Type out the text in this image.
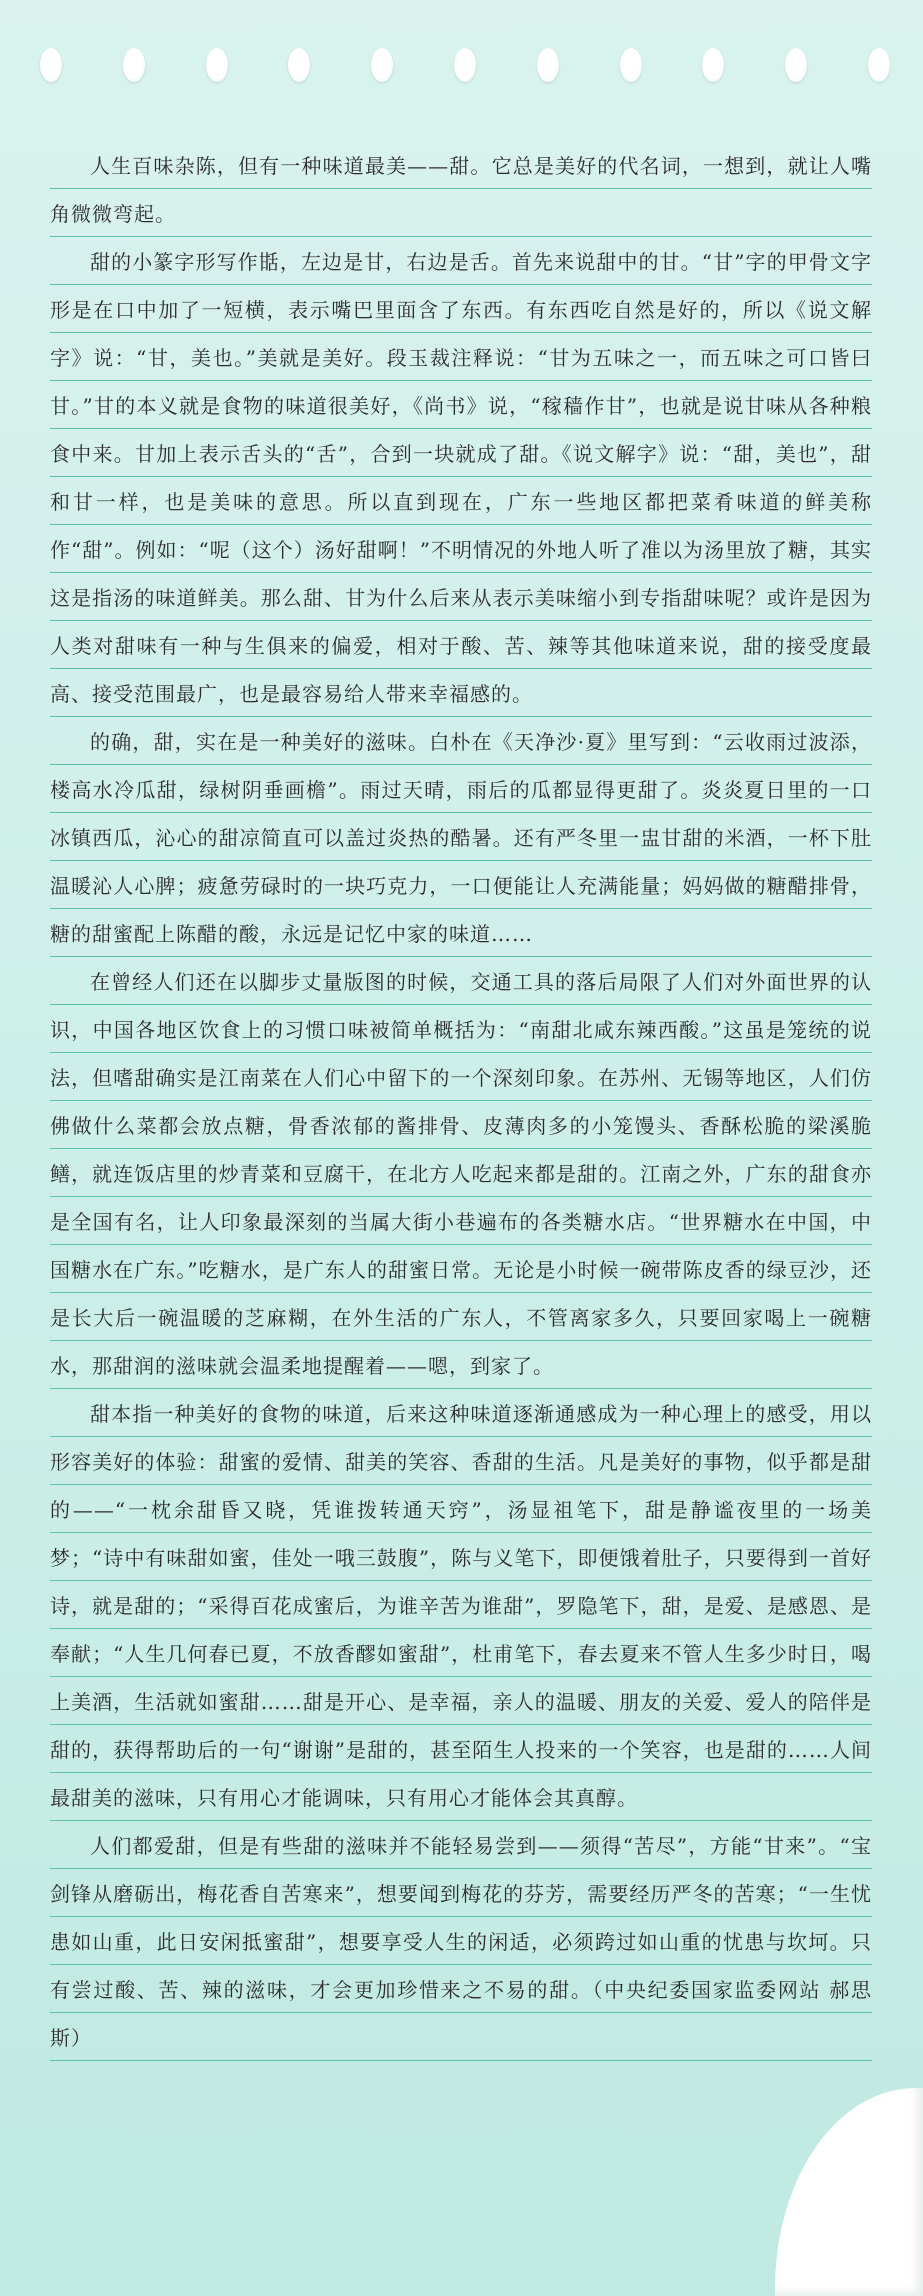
人生百味杂陈，但有一种味道最美——甜。它总是美好的代名词，一想到，就让人嘴角微微弯起。

甜的小篆字形写作甛，左边是甘，右边是舌。首先来说甜中的甘。“甘”字的甲骨文字形是在口中加了一短横，表示嘴巴里面含了东西。有东西吃自然是好的，所以《说文解字》说：“甘，美也。”美就是美好。段玉裁注释说：“甘为五味之一，而五味之可口皆曰甘。”甘的本义就是食物的味道很美好，《尚书》说，“稼穑作甘”，也就是说甘味从各种粮食中来。甘加上表示舌头的“舌”，合到一块就成了甜。《说文解字》说：“甜，美也”，甜和甘一样，也是美味的意思。所以直到现在，广东一些地区都把菜肴味道的鲜美称作“甜”。例如：“呢（这个）汤好甜啊！”不明情况的外地人听了准以为汤里放了糖，其实这是指汤的味道鲜美。那么甜、甘为什么后来从表示美味缩小到专指甜味呢？或许是因为人类对甜味有一种与生俱来的偏爱，相对于酸、苦、辣等其他味道来说，甜的接受度最高、接受范围最广，也是最容易给人带来幸福感的。

的确，甜，实在是一种美好的滋味。白朴在《天净沙·夏》里写到：“云收雨过波添，楼高水冷瓜甜，绿树阴垂画檐”。雨过天晴，雨后的瓜都显得更甜了。炎炎夏日里的一口冰镇西瓜，沁心的甜凉简直可以盖过炎热的酷暑。还有严冬里一盅甘甜的米酒，一杯下肚温暖沁人心脾；疲惫劳碌时的一块巧克力，一口便能让人充满能量；妈妈做的糖醋排骨，糖的甜蜜配上陈醋的酸，永远是记忆中家的味道……

在曾经人们还在以脚步丈量版图的时候，交通工具的落后局限了人们对外面世界的认识，中国各地区饮食上的习惯口味被简单概括为：“南甜北咸东辣西酸。”这虽是笼统的说法，但嗜甜确实是江南菜在人们心中留下的一个深刻印象。在苏州、无锡等地区，人们仿佛做什么菜都会放点糖，骨香浓郁的酱排骨、皮薄肉多的小笼馒头、香酥松脆的梁溪脆鳝，就连饭店里的炒青菜和豆腐干，在北方人吃起来都是甜的。江南之外，广东的甜食亦是全国有名，让人印象最深刻的当属大街小巷遍布的各类糖水店。“世界糖水在中国，中国糖水在广东。”吃糖水，是广东人的甜蜜日常。无论是小时候一碗带陈皮香的绿豆沙，还是长大后一碗温暖的芝麻糊，在外生活的广东人，不管离家多久，只要回家喝上一碗糖水，那甜润的滋味就会温柔地提醒着——嗯，到家了。

甜本指一种美好的食物的味道，后来这种味道逐渐通感成为一种心理上的感受，用以形容美好的体验：甜蜜的爱情、甜美的笑容、香甜的生活。凡是美好的事物，似乎都是甜的——“一枕余甜昏又晓，凭谁拨转通天窍”，汤显祖笔下，甜是静谧夜里的一场美梦；“诗中有味甜如蜜，佳处一哦三鼓腹”，陈与义笔下，即便饿着肚子，只要得到一首好诗，就是甜的；“采得百花成蜜后，为谁辛苦为谁甜”，罗隐笔下，甜，是爱、是感恩、是奉献；“人生几何春已夏，不放香醪如蜜甜”，杜甫笔下，春去夏来不管人生多少时日，喝上美酒，生活就如蜜甜……甜是开心、是幸福，亲人的温暖、朋友的关爱、爱人的陪伴是甜的，获得帮助后的一句“谢谢”是甜的，甚至陌生人投来的一个笑容，也是甜的……人间最甜美的滋味，只有用心才能调味，只有用心才能体会其真醇。

人们都爱甜，但是有些甜的滋味并不能轻易尝到——须得“苦尽”，方能“甘来”。“宝剑锋从磨砺出，梅花香自苦寒来”，想要闻到梅花的芬芳，需要经历严冬的苦寒；“一生忧患如山重，此日安闲抵蜜甜”，想要享受人生的闲适，必须跨过如山重的忧患与坎坷。只有尝过酸、苦、辣的滋味，才会更加珍惜来之不易的甜。（中央纪委国家监委网站 郝思斯）
